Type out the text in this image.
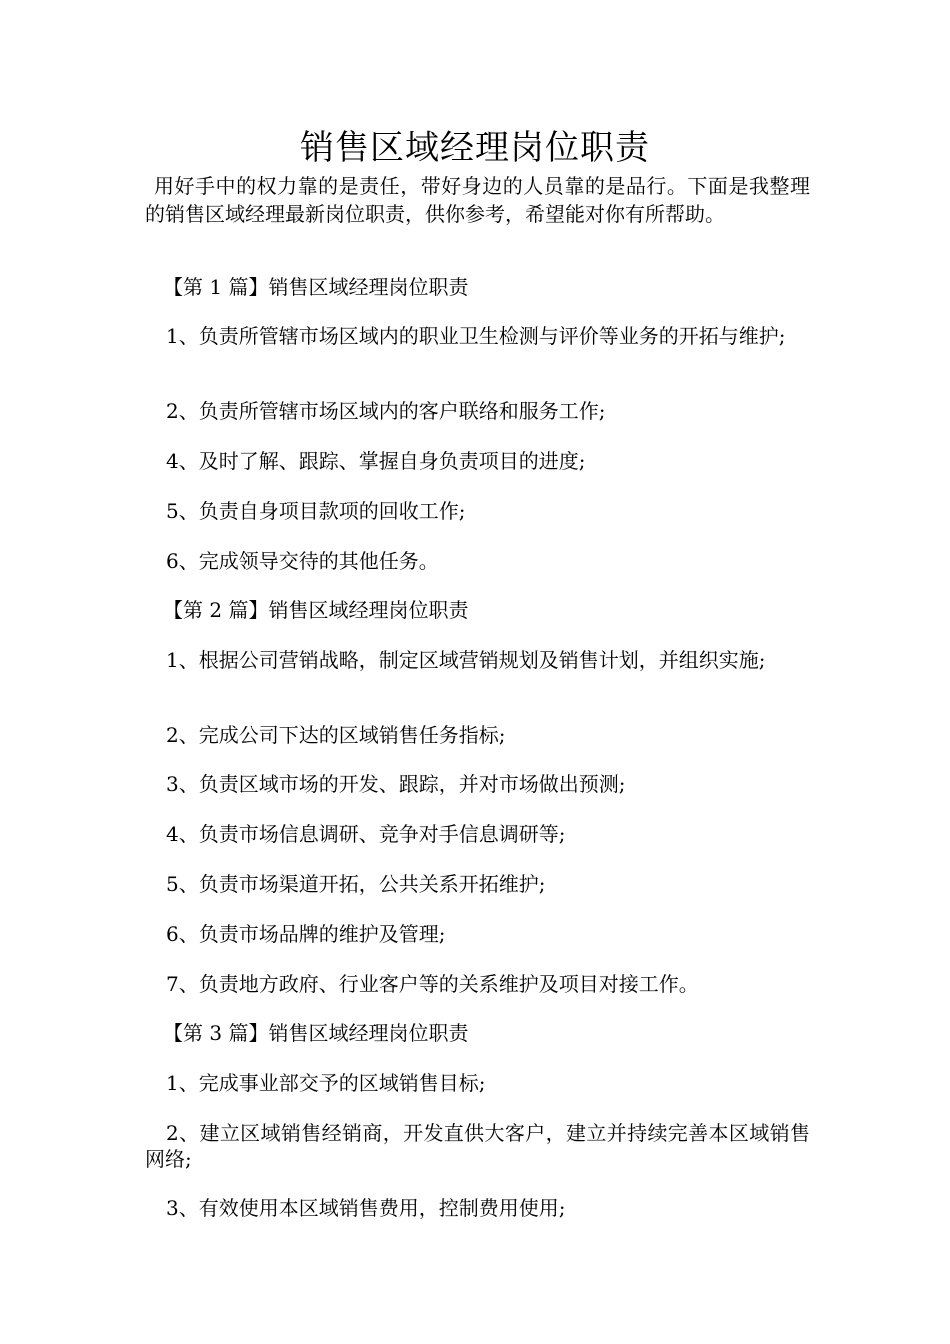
销售区域经理岗位职责
用好手中的权力靠的是责任，带好身边的人员靠的是品行。下面是我整理的销售区域经理最新岗位职责，供你参考，希望能对你有所帮助。
【第 1 篇】销售区域经理岗位职责
1、负责所管辖市场区域内的职业卫生检测与评价等业务的开拓与维护;
2、负责所管辖市场区域内的客户联络和服务工作;
4、及时了解、跟踪、掌握自身负责项目的进度;
5、负责自身项目款项的回收工作;
6、完成领导交待的其他任务。
【第 2 篇】销售区域经理岗位职责
1、根据公司营销战略，制定区域营销规划及销售计划，并组织实施;
2、完成公司下达的区域销售任务指标;
3、负责区域市场的开发、跟踪，并对市场做出预测;
4、负责市场信息调研、竞争对手信息调研等;
5、负责市场渠道开拓，公共关系开拓维护;
6、负责市场品牌的维护及管理;
7、负责地方政府、行业客户等的关系维护及项目对接工作。
【第 3 篇】销售区域经理岗位职责
1、完成事业部交予的区域销售目标;
2、建立区域销售经销商，开发直供大客户，建立并持续完善本区域销售网络;
3、有效使用本区域销售费用，控制费用使用;
